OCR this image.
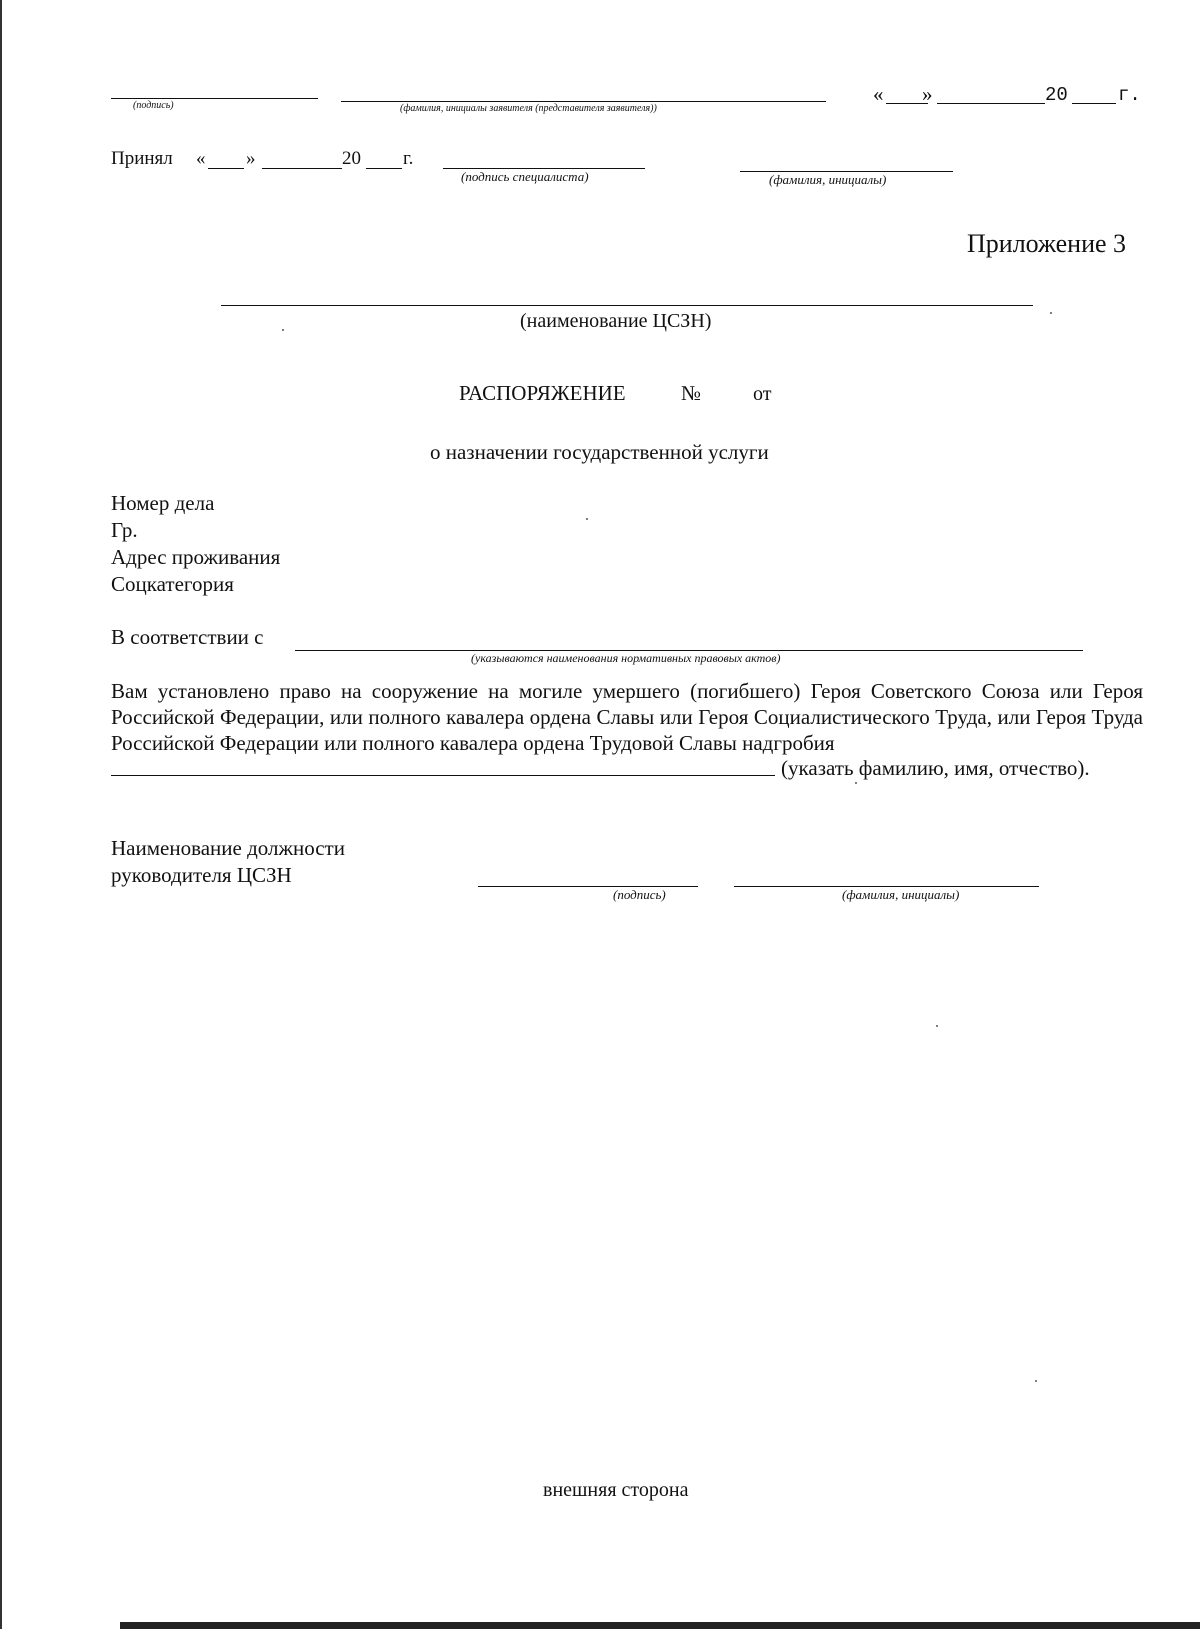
(подпись)	(фамилия, инициалы заявителя (представителя заявителя))
« »	20	г.
Принял « »	20 г.
(подпись специалиста)	(фамилия, инициалы)
Приложение 3
(наименование ЦСЗН)
РАСПОРЯЖЕНИЕ	№	от
о назначении государственной услуги
Номер дела
Гр.
Адрес проживания
Соцкатегория
В соответствии с
(указываются наименования нормативных правовых актов)
Вам установлено право на сооружение на могиле умершего (погибшего) Героя Советского Союза или Героя Российской Федерации, или полного кавалера ордена Славы или Героя Социалистического Труда, или Героя Труда Российской Федерации или полного кавалера ордена Трудовой Славы надгробия
(указать фамилию, имя, отчество).
Наименование должности
руководителя ЦСЗН
(подпись)	(фамилия, инициалы)
внешняя сторона
